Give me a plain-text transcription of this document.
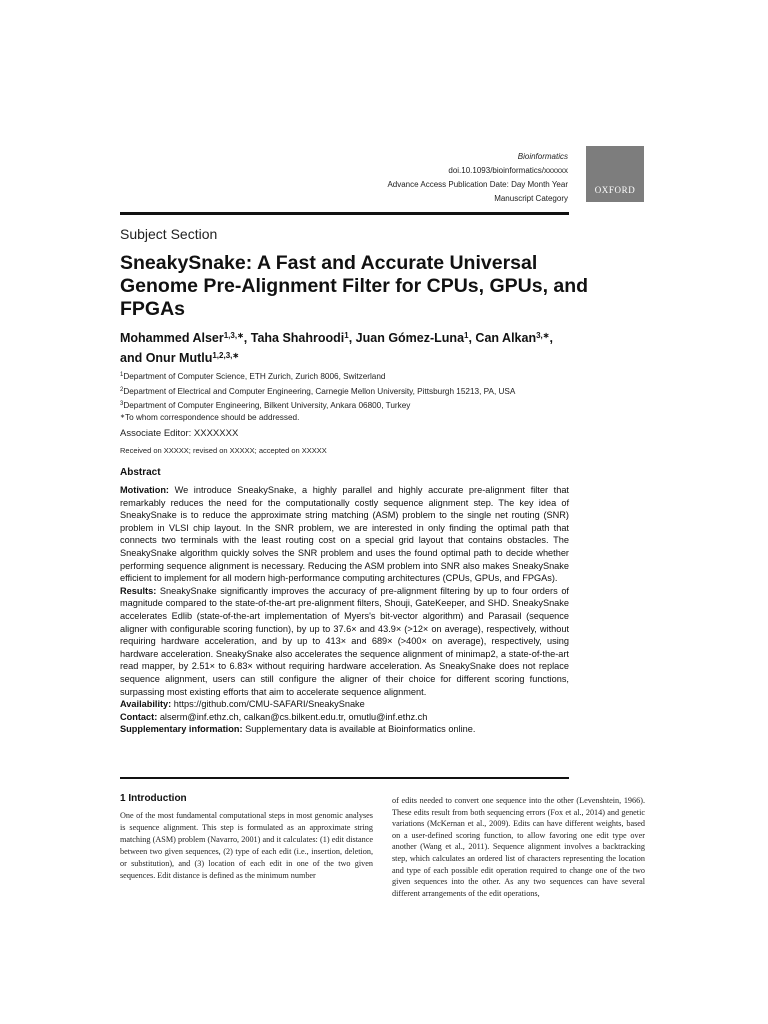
Bioinformatics
doi.10.1093/bioinformatics/xxxxxx
Advance Access Publication Date: Day Month Year
Manuscript Category
OXFORD
Subject Section
SneakySnake: A Fast and Accurate Universal Genome Pre-Alignment Filter for CPUs, GPUs, and FPGAs
Mohammed Alser$^{1,3,∗}$, Taha Shahroodi$^1$, Juan Gómez-Luna$^1$, Can Alkan$^{3,∗}$,
and Onur Mutlu$^{1,2,3,∗}$
$^1$Department of Computer Science, ETH Zurich, Zurich 8006, Switzerland
$^2$Department of Electrical and Computer Engineering, Carnegie Mellon University, Pittsburgh 15213, PA, USA
$^3$Department of Computer Engineering, Bilkent University, Ankara 06800, Turkey
∗To whom correspondence should be addressed.
Associate Editor: XXXXXXX
Received on XXXXX; revised on XXXXX; accepted on XXXXX
Abstract

Motivation: We introduce SneakySnake, a highly parallel and highly accurate pre-alignment filter that remarkably reduces the need for the computationally costly sequence alignment step. The key idea of SneakySnake is to reduce the approximate string matching (ASM) problem to the single net routing (SNR) problem in VLSI chip layout. In the SNR problem, we are interested in only finding the optimal path that connects two terminals with the least routing cost on a special grid layout that contains obstacles. The SneakySnake algorithm quickly solves the SNR problem and uses the found optimal path to decide whether performing sequence alignment is necessary. Reducing the ASM problem into SNR also makes SneakySnake efficient to implement for all modern high-performance computing architectures (CPUs, GPUs, and FPGAs).

Results: SneakySnake significantly improves the accuracy of pre-alignment filtering by up to four orders of magnitude compared to the state-of-the-art pre-alignment filters, Shouji, GateKeeper, and SHD. SneakySnake accelerates Edlib (state-of-the-art implementation of Myers's bit-vector algorithm) and Parasail (sequence aligner with configurable scoring function), by up to 37.6× and 43.9× (>12× on average), respectively, without requiring hardware acceleration, and by up to 413× and 689× (>400× on average), respectively, using hardware acceleration. SneakySnake also accelerates the sequence alignment of minimap2, a state-of-the-art read mapper, by 2.51× to 6.83× without requiring hardware acceleration. As SneakySnake does not replace sequence alignment, users can still configure the aligner of their choice for different scoring functions, surpassing most existing efforts that aim to accelerate sequence alignment.

Availability: https://github.com/CMU-SAFARI/SneakySnake

Contact: alserm@inf.ethz.ch, calkan@cs.bilkent.edu.tr, omutlu@inf.ethz.ch

Supplementary information: Supplementary data is available at Bioinformatics online.

1 Introduction
One of the most fundamental computational steps in most genomic analyses is sequence alignment. This step is formulated as an approximate string matching (ASM) problem (Navarro, 2001) and it calculates: (1) edit distance between two given sequences, (2) type of each edit (i.e., insertion, deletion, or substitution), and (3) location of each edit in one of the two given sequences. Edit distance is defined as the minimum number
of edits needed to convert one sequence into the other (Levenshtein, 1966). These edits result from both sequencing errors (Fox et al., 2014) and genetic variations (McKernan et al., 2009). Edits can have different weights, based on a user-defined scoring function, to allow favoring one edit type over another (Wang et al., 2011). Sequence alignment involves a backtracking step, which calculates an ordered list of characters representing the location and type of each possible edit operation required to change one of the two given sequences into the other. As any two sequences can have several different arrangements of the edit operations,
